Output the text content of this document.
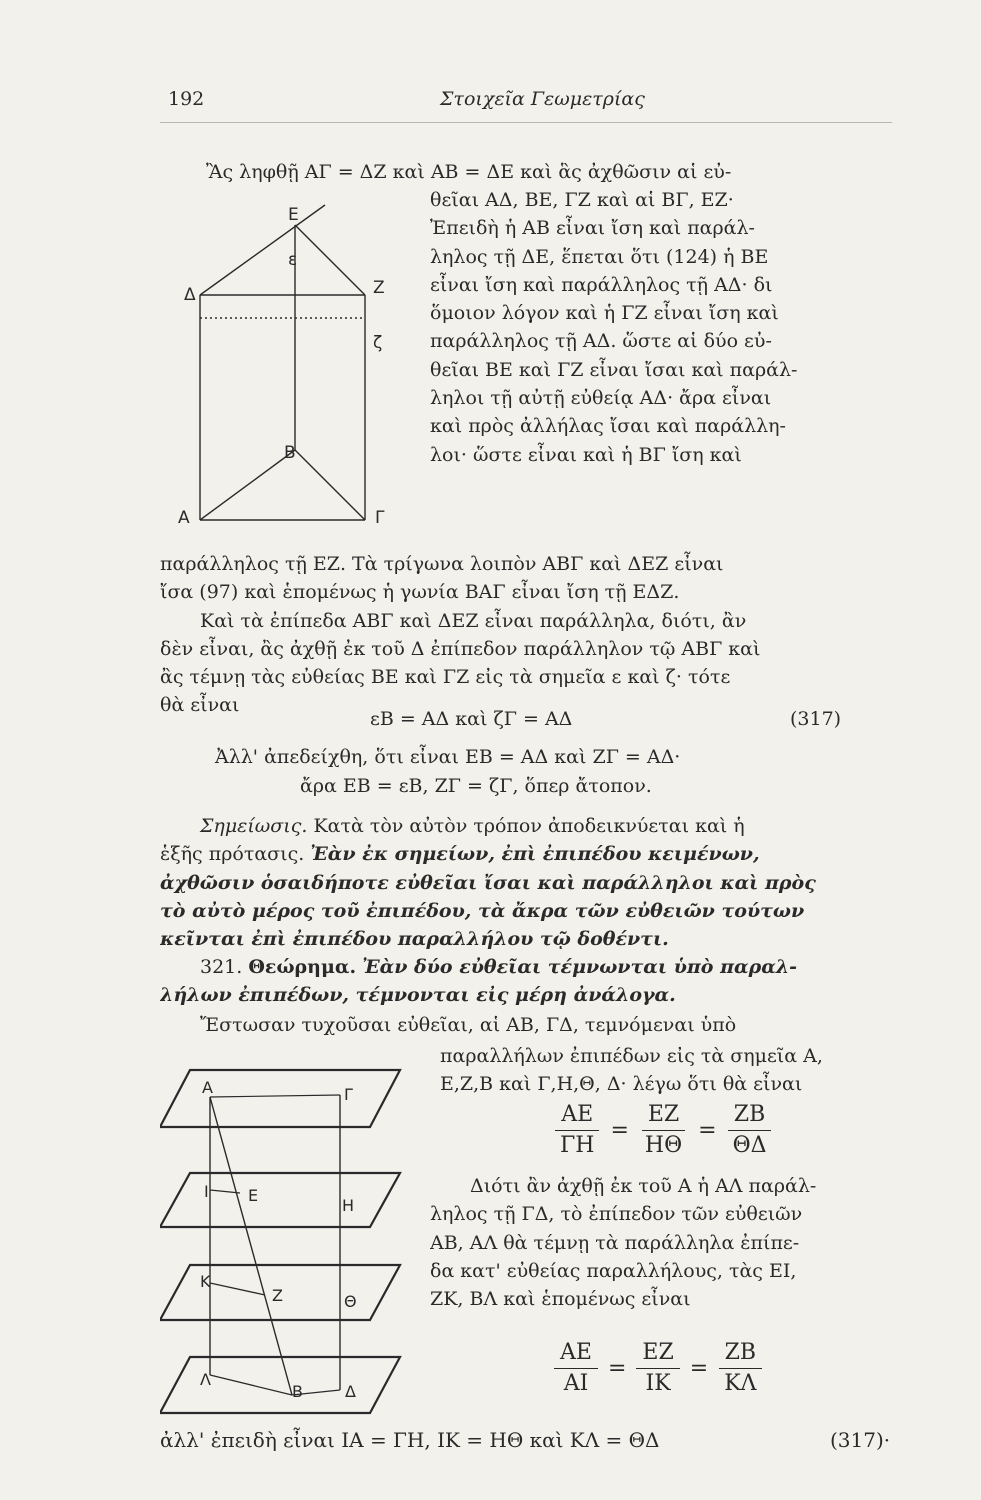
192	Στοιχεῖα Γεωμετρίας
Ἂς ληφθῇ ΑΓ = ΔΖ καὶ ΑΒ = ΔΕ καὶ ἃς ἀχθῶσιν αἱ εὐ-
Ε
ε
Δ	Ζ
ζ
Β
Α	Γ
θεῖαι ΑΔ, ΒΕ, ΓΖ καὶ αἱ ΒΓ, ΕΖ·
Ἐπειδὴ ἡ ΑΒ εἶναι ἴση καὶ παράλ-
ληλος τῇ ΔΕ, ἕπεται ὅτι (124) ἡ ΒΕ
εἶναι ἴση καὶ παράλληλος τῇ ΑΔ· δι
ὅμοιον λόγον καὶ ἡ ΓΖ εἶναι ἴση καὶ
παράλληλος τῇ ΑΔ. ὥστε αἱ δύο εὐ-
θεῖαι ΒΕ καὶ ΓΖ εἶναι ἴσαι καὶ παράλ-
ληλοι τῇ αὐτῇ εὐθείᾳ ΑΔ· ἄρα εἶναι
καὶ πρὸς ἀλλήλας ἴσαι καὶ παράλλη-
λοι· ὥστε εἶναι καὶ ἡ ΒΓ ἴση καὶ
παράλληλος τῇ ΕΖ. Τὰ τρίγωνα λοιπὸν ΑΒΓ καὶ ΔΕΖ εἶναι
ἴσα (97) καὶ ἑπομένως ἡ γωνία ΒΑΓ εἶναι ἴση τῇ ΕΔΖ.
Καὶ τὰ ἐπίπεδα ΑΒΓ καὶ ΔΕΖ εἶναι παράλληλα, διότι, ἂν
δὲν εἶναι, ἂς ἀχθῇ ἐκ τοῦ Δ ἐπίπεδον παράλληλον τῷ ΑΒΓ καὶ
ἂς τέμνῃ τὰς εὐθείας ΒΕ καὶ ΓΖ εἰς τὰ σημεῖα ε καὶ ζ· τότε
θὰ εἶναι
εΒ = ΑΔ καὶ ζΓ = ΑΔ	(317)
Ἀλλ' ἀπεδείχθη, ὅτι εἶναι ΕΒ = ΑΔ καὶ ΖΓ = ΑΔ·
ἄρα ΕΒ = εΒ, ΖΓ = ζΓ, ὅπερ ἄτοπον.
Σημείωσις. Κατὰ τὸν αὐτὸν τρόπον ἀποδεικνύεται καὶ ἡ
ἑξῆς πρότασις. Ἐὰν ἐκ σημείων, ἐπὶ ἐπιπέδου κειμένων,
ἀχθῶσιν ὁσαιδήποτε εὐθεῖαι ἴσαι καὶ παράλληλοι καὶ πρὸς
τὸ αὐτὸ μέρος τοῦ ἐπιπέδου, τὰ ἄκρα τῶν εὐθειῶν τούτων
κεῖνται ἐπὶ ἐπιπέδου παραλλήλου τῷ δοθέντι.
321. Θεώρημα. Ἐὰν δύο εὐθεῖαι τέμνωνται ὑπὸ παραλ-
λήλων ἐπιπέδων, τέμνονται εἰς μέρη ἀνάλογα.
Ἔστωσαν τυχοῦσαι εὐθεῖαι, αἱ ΑΒ, ΓΔ, τεμνόμεναι ὑπὸ
Α	Γ
Ι Ε
Η
Κ
Ζ	Θ
Λ
Β	Δ
παραλλήλων ἐπιπέδων εἰς τὰ σημεῖα Α,
Ε,Ζ,Β καὶ Γ,Η,Θ, Δ· λέγω ὅτι θὰ εἶναι
$\frac{AE}{\Gamma H} = \frac{EZ}{H\Theta} = \frac{ZB}{\Theta\Delta}$
Διότι ἂν ἀχθῇ ἐκ τοῦ Α ἡ ΑΛ παράλ-
ληλος τῇ ΓΔ, τὸ ἐπίπεδον τῶν εὐθειῶν
ΑΒ, ΑΛ θὰ τέμνῃ τὰ παράλληλα ἐπίπε-
δα κατ' εὐθείας παραλλήλους, τὰς ΕΙ,
ΖΚ, ΒΛ καὶ ἑπομένως εἶναι
$\frac{AE}{AI} = \frac{EZ}{IK} = \frac{ZB}{K\Lambda}$
ἀλλ' ἐπειδὴ εἶναι ΙΑ = ΓΗ, ΙΚ = ΗΘ καὶ ΚΛ = ΘΔ	(317)·
